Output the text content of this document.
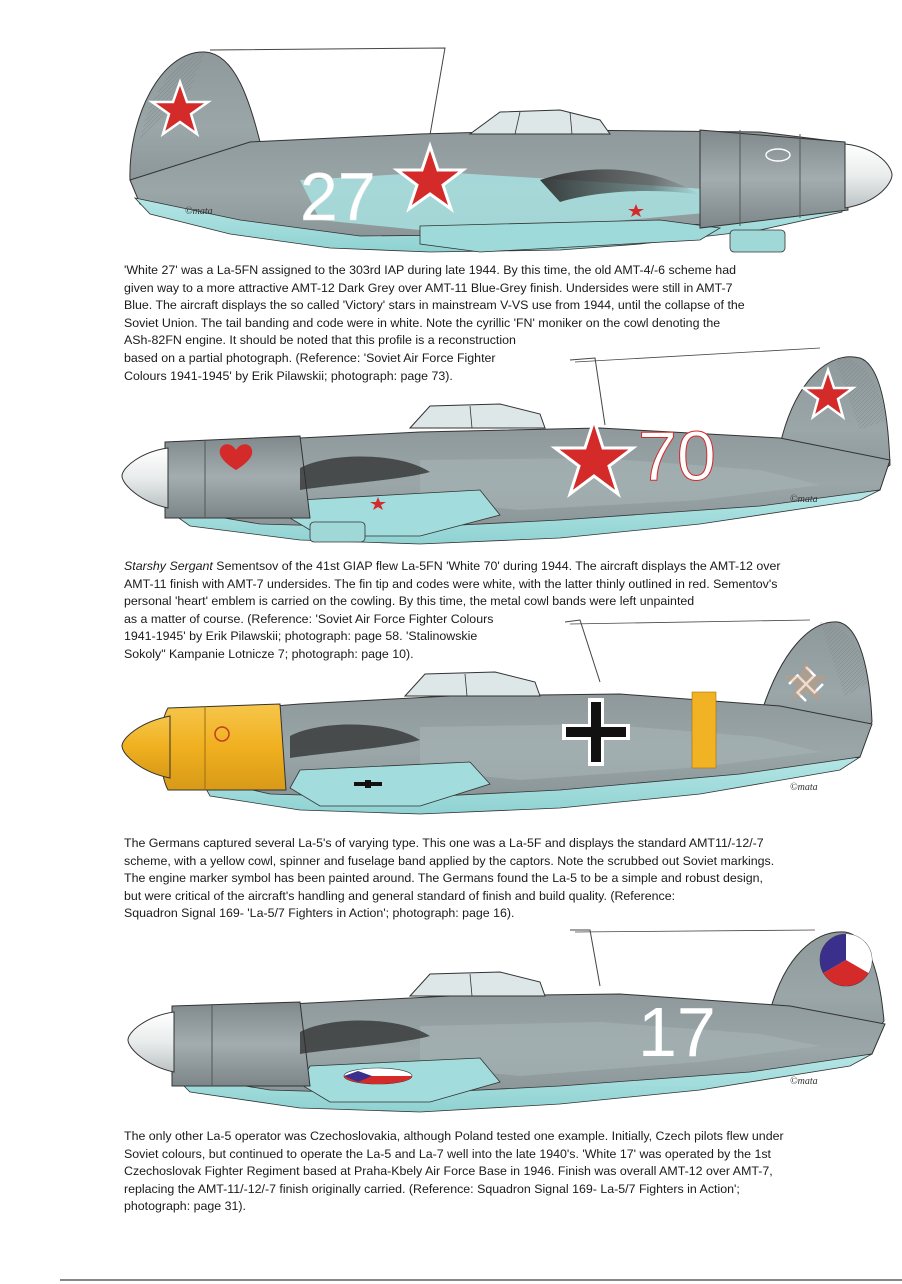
27
©mata

'White 27' was a La-5FN assigned to the 303rd IAP during late 1944. By this time, the old AMT-4/-6 scheme had
given way to a more attractive AMT-12 Dark Grey over AMT-11 Blue-Grey finish. Undersides were still in AMT-7
Blue. The aircraft displays the so called 'Victory' stars in mainstream V-VS use from 1944, until the collapse of the
Soviet Union. The tail banding and code were in white. Note the cyrillic 'FN' moniker on the cowl denoting the
ASh-82FN engine. It should be noted that this profile is a reconstruction
based on a partial photograph. (Reference: 'Soviet Air Force Fighter
Colours 1941-1945' by Erik Pilawskii; photograph: page 73).

70
©mata

Starshy Sergant Sementsov of the 41st GIAP flew La-5FN 'White 70' during 1944. The aircraft displays the AMT-12 over
AMT-11 finish with AMT-7 undersides. The fin tip and codes were white, with the latter thinly outlined in red. Sementov's
personal 'heart' emblem is carried on the cowling. By this time, the metal cowl bands were left unpainted
as a matter of course. (Reference: 'Soviet Air Force Fighter Colours
1941-1945' by Erik Pilawskii; photograph: page 58. 'Stalinowskie
Sokoly" Kampanie Lotnicze 7; photograph: page 10).

©mata

The Germans captured several La-5's of varying type. This one was a La-5F and displays the standard AMT11/-12/-7
scheme, with a yellow cowl, spinner and fuselage band applied by the captors. Note the scrubbed out Soviet markings.
The engine marker symbol has been painted around. The Germans found the La-5 to be a simple and robust design,
but were critical of the aircraft's handling and general standard of finish and build quality. (Reference:
Squadron Signal 169- 'La-5/7 Fighters in Action'; photograph: page 16).

17
©mata

The only other La-5 operator was Czechoslovakia, although Poland tested one example. Initially, Czech pilots flew under
Soviet colours, but continued to operate the La-5 and La-7 well into the late 1940's. 'White 17' was operated by the 1st
Czechoslovak Fighter Regiment based at Praha-Kbely Air Force Base in 1946. Finish was overall AMT-12 over AMT-7,
replacing the AMT-11/-12/-7 finish originally carried. (Reference: Squadron Signal 169- La-5/7 Fighters in Action';
photograph: page 31).
